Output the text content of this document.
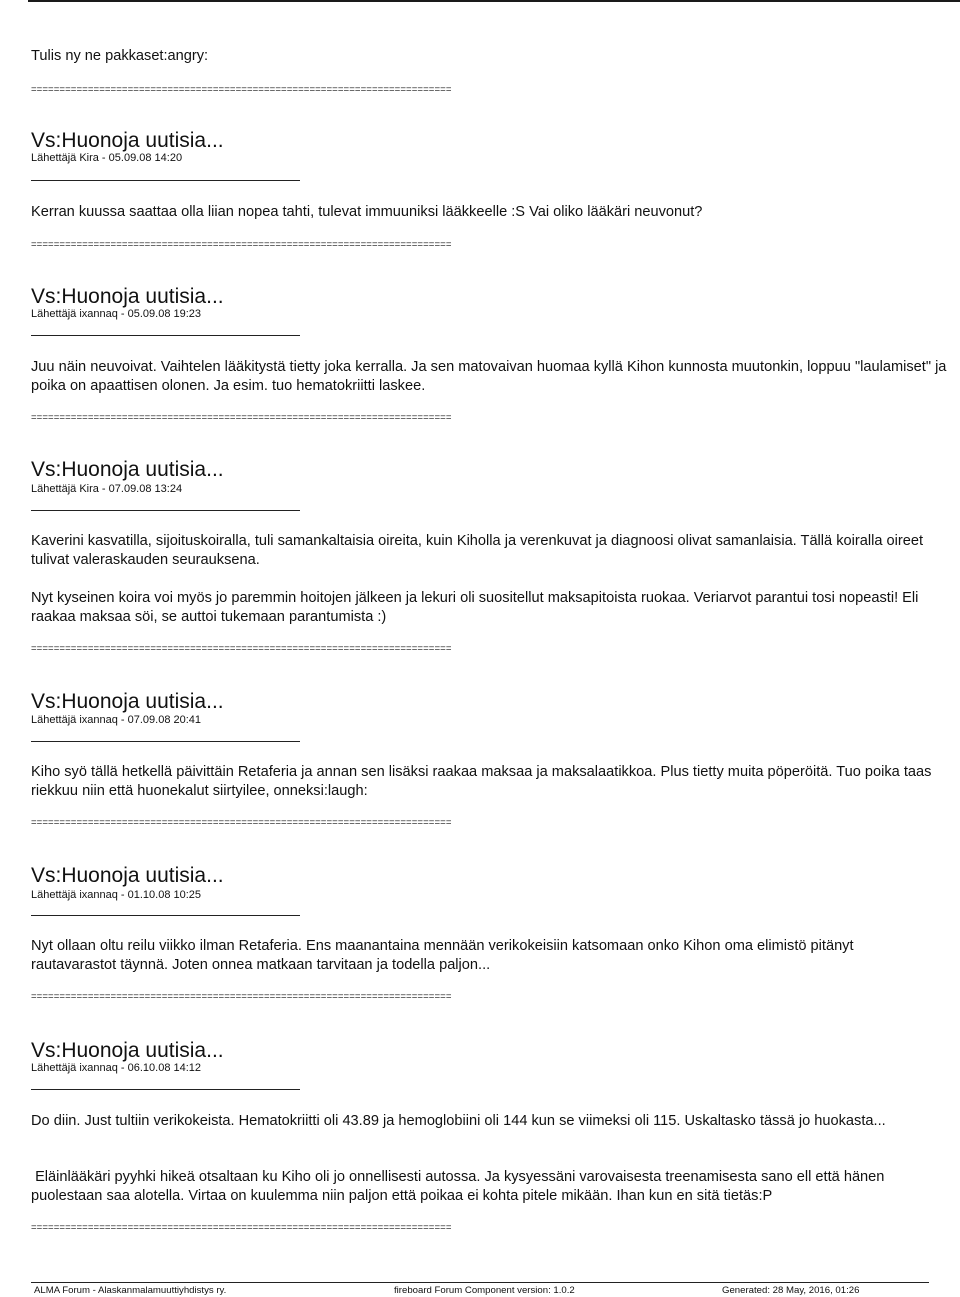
Tulis ny ne pakkaset:angry:
==========================================================================
Vs:Huonoja uutisia...
Lähettäjä Kira - 05.09.08 14:20
Kerran kuussa saattaa olla liian nopea tahti, tulevat immuuniksi lääkkeelle :S Vai oliko lääkäri neuvonut?
==========================================================================
Vs:Huonoja uutisia...
Lähettäjä ixannaq - 05.09.08 19:23
Juu näin neuvoivat. Vaihtelen lääkitystä tietty joka kerralla. Ja sen matovaivan huomaa kyllä Kihon kunnosta muutonkin, loppuu "laulamiset" ja poika on apaattisen olonen. Ja esim. tuo hematokriitti laskee.
==========================================================================
Vs:Huonoja uutisia...
Lähettäjä Kira - 07.09.08 13:24
Kaverini kasvatilla, sijoituskoiralla, tuli samankaltaisia oireita, kuin Kiholla ja verenkuvat ja diagnoosi olivat samanlaisia. Tällä koiralla oireet tulivat valeraskauden seurauksena.
Nyt kyseinen koira voi myös jo paremmin hoitojen jälkeen ja lekuri oli suositellut maksapitoista ruokaa. Veriarvot parantui tosi nopeasti! Eli raakaa maksaa söi, se auttoi tukemaan parantumista :)
==========================================================================
Vs:Huonoja uutisia...
Lähettäjä ixannaq - 07.09.08 20:41
Kiho syö tällä hetkellä päivittäin Retaferia ja annan sen lisäksi raakaa maksaa ja maksalaatikkoa. Plus tietty muita pöperöitä. Tuo poika taas riekkuu niin että huonekalut siirtyilee, onneksi:laugh:
==========================================================================
Vs:Huonoja uutisia...
Lähettäjä ixannaq - 01.10.08 10:25
Nyt ollaan oltu reilu viikko ilman Retaferia. Ens maanantaina mennään verikokeisiin katsomaan onko Kihon oma elimistö pitänyt rautavarastot täynnä. Joten onnea matkaan tarvitaan ja todella paljon...
==========================================================================
Vs:Huonoja uutisia...
Lähettäjä ixannaq - 06.10.08 14:12
Do diin. Just tultiin verikokeista. Hematokriitti oli 43.89 ja hemoglobiini oli 144 kun se viimeksi oli 115. Uskaltasko tässä jo huokasta...
Eläinlääkäri pyyhki hikeä otsaltaan ku Kiho oli jo onnellisesti autossa. Ja kysyessäni varovaisesta treenamisesta sano ell että hänen puolestaan saa alotella. Virtaa on kuulemma niin paljon että poikaa ei kohta pitele mikään. Ihan kun en sitä tietäs:P
==========================================================================
ALMA Forum - Alaskanmalamuuttiyhdistys ry.	fireboard Forum Component version: 1.0.2	Generated: 28 May, 2016, 01:26
